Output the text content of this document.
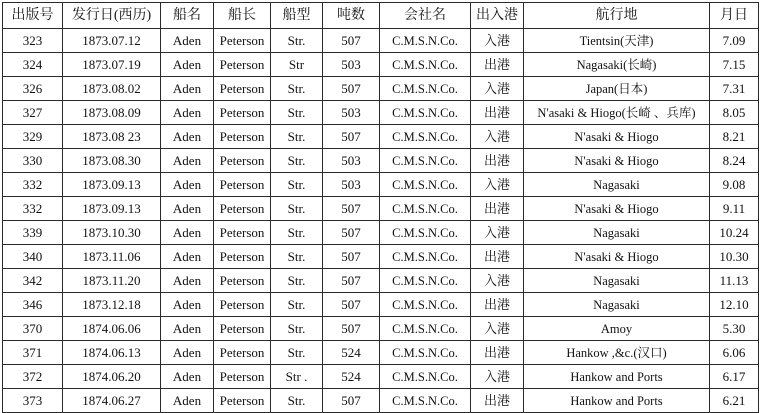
出版号	发行日(西历)	船名	船长	船型	吨数	会社名	出入港	航行地	月日
323	1873.07.12	Aden	Peterson	Str.	507	C.M.S.N.Co.	入港	Tientsin(天津)	7.09
324	1873.07.19	Aden	Peterson	Str	503	C.M.S.N.Co.	出港	Nagasaki(长崎)	7.15
326	1873.08.02	Aden	Peterson	Str.	507	C.M.S.N.Co.	入港	Japan(日本)	7.31
327	1873.08.09	Aden	Peterson	Str.	503	C.M.S.N.Co.	出港	N'asaki & Hiogo(长崎 、兵库)	8.05
329	1873.08 23	Aden	Peterson	Str.	507	C.M.S.N.Co.	入港	N'asaki & Hiogo	8.21
330	1873.08.30	Aden	Peterson	Str.	503	C.M.S.N.Co.	出港	N'asaki & Hiogo	8.24
332	1873.09.13	Aden	Peterson	Str.	503	C.M.S.N.Co.	入港	Nagasaki	9.08
332	1873.09.13	Aden	Peterson	Str.	507	C.M.S.N.Co.	出港	N'asaki & Hiogo	9.11
339	1873.10.30	Aden	Peterson	Str.	507	C.M.S.N.Co.	入港	Nagasaki	10.24
340	1873.11.06	Aden	Peterson	Str.	507	C.M.S.N.Co.	出港	N'asaki & Hiogo	10.30
342	1873.11.20	Aden	Peterson	Str.	507	C.M.S.N.Co.	入港	Nagasaki	11.13
346	1873.12.18	Aden	Peterson	Str.	507	C.M.S.N.Co.	出港	Nagasaki	12.10
370	1874.06.06	Aden	Peterson	Str.	507	C.M.S.N.Co.	入港	Amoy	5.30
371	1874.06.13	Aden	Peterson	Str.	524	C.M.S.N.Co.	出港	Hankow ,&c.(汉口)	6.06
372	1874.06.20	Aden	Peterson	Str .	524	C.M.S.N.Co.	入港	Hankow and Ports	6.17
373	1874.06.27	Aden	Peterson	Str.	507	C.M.S.N.Co.	出港	Hankow and Ports	6.21
